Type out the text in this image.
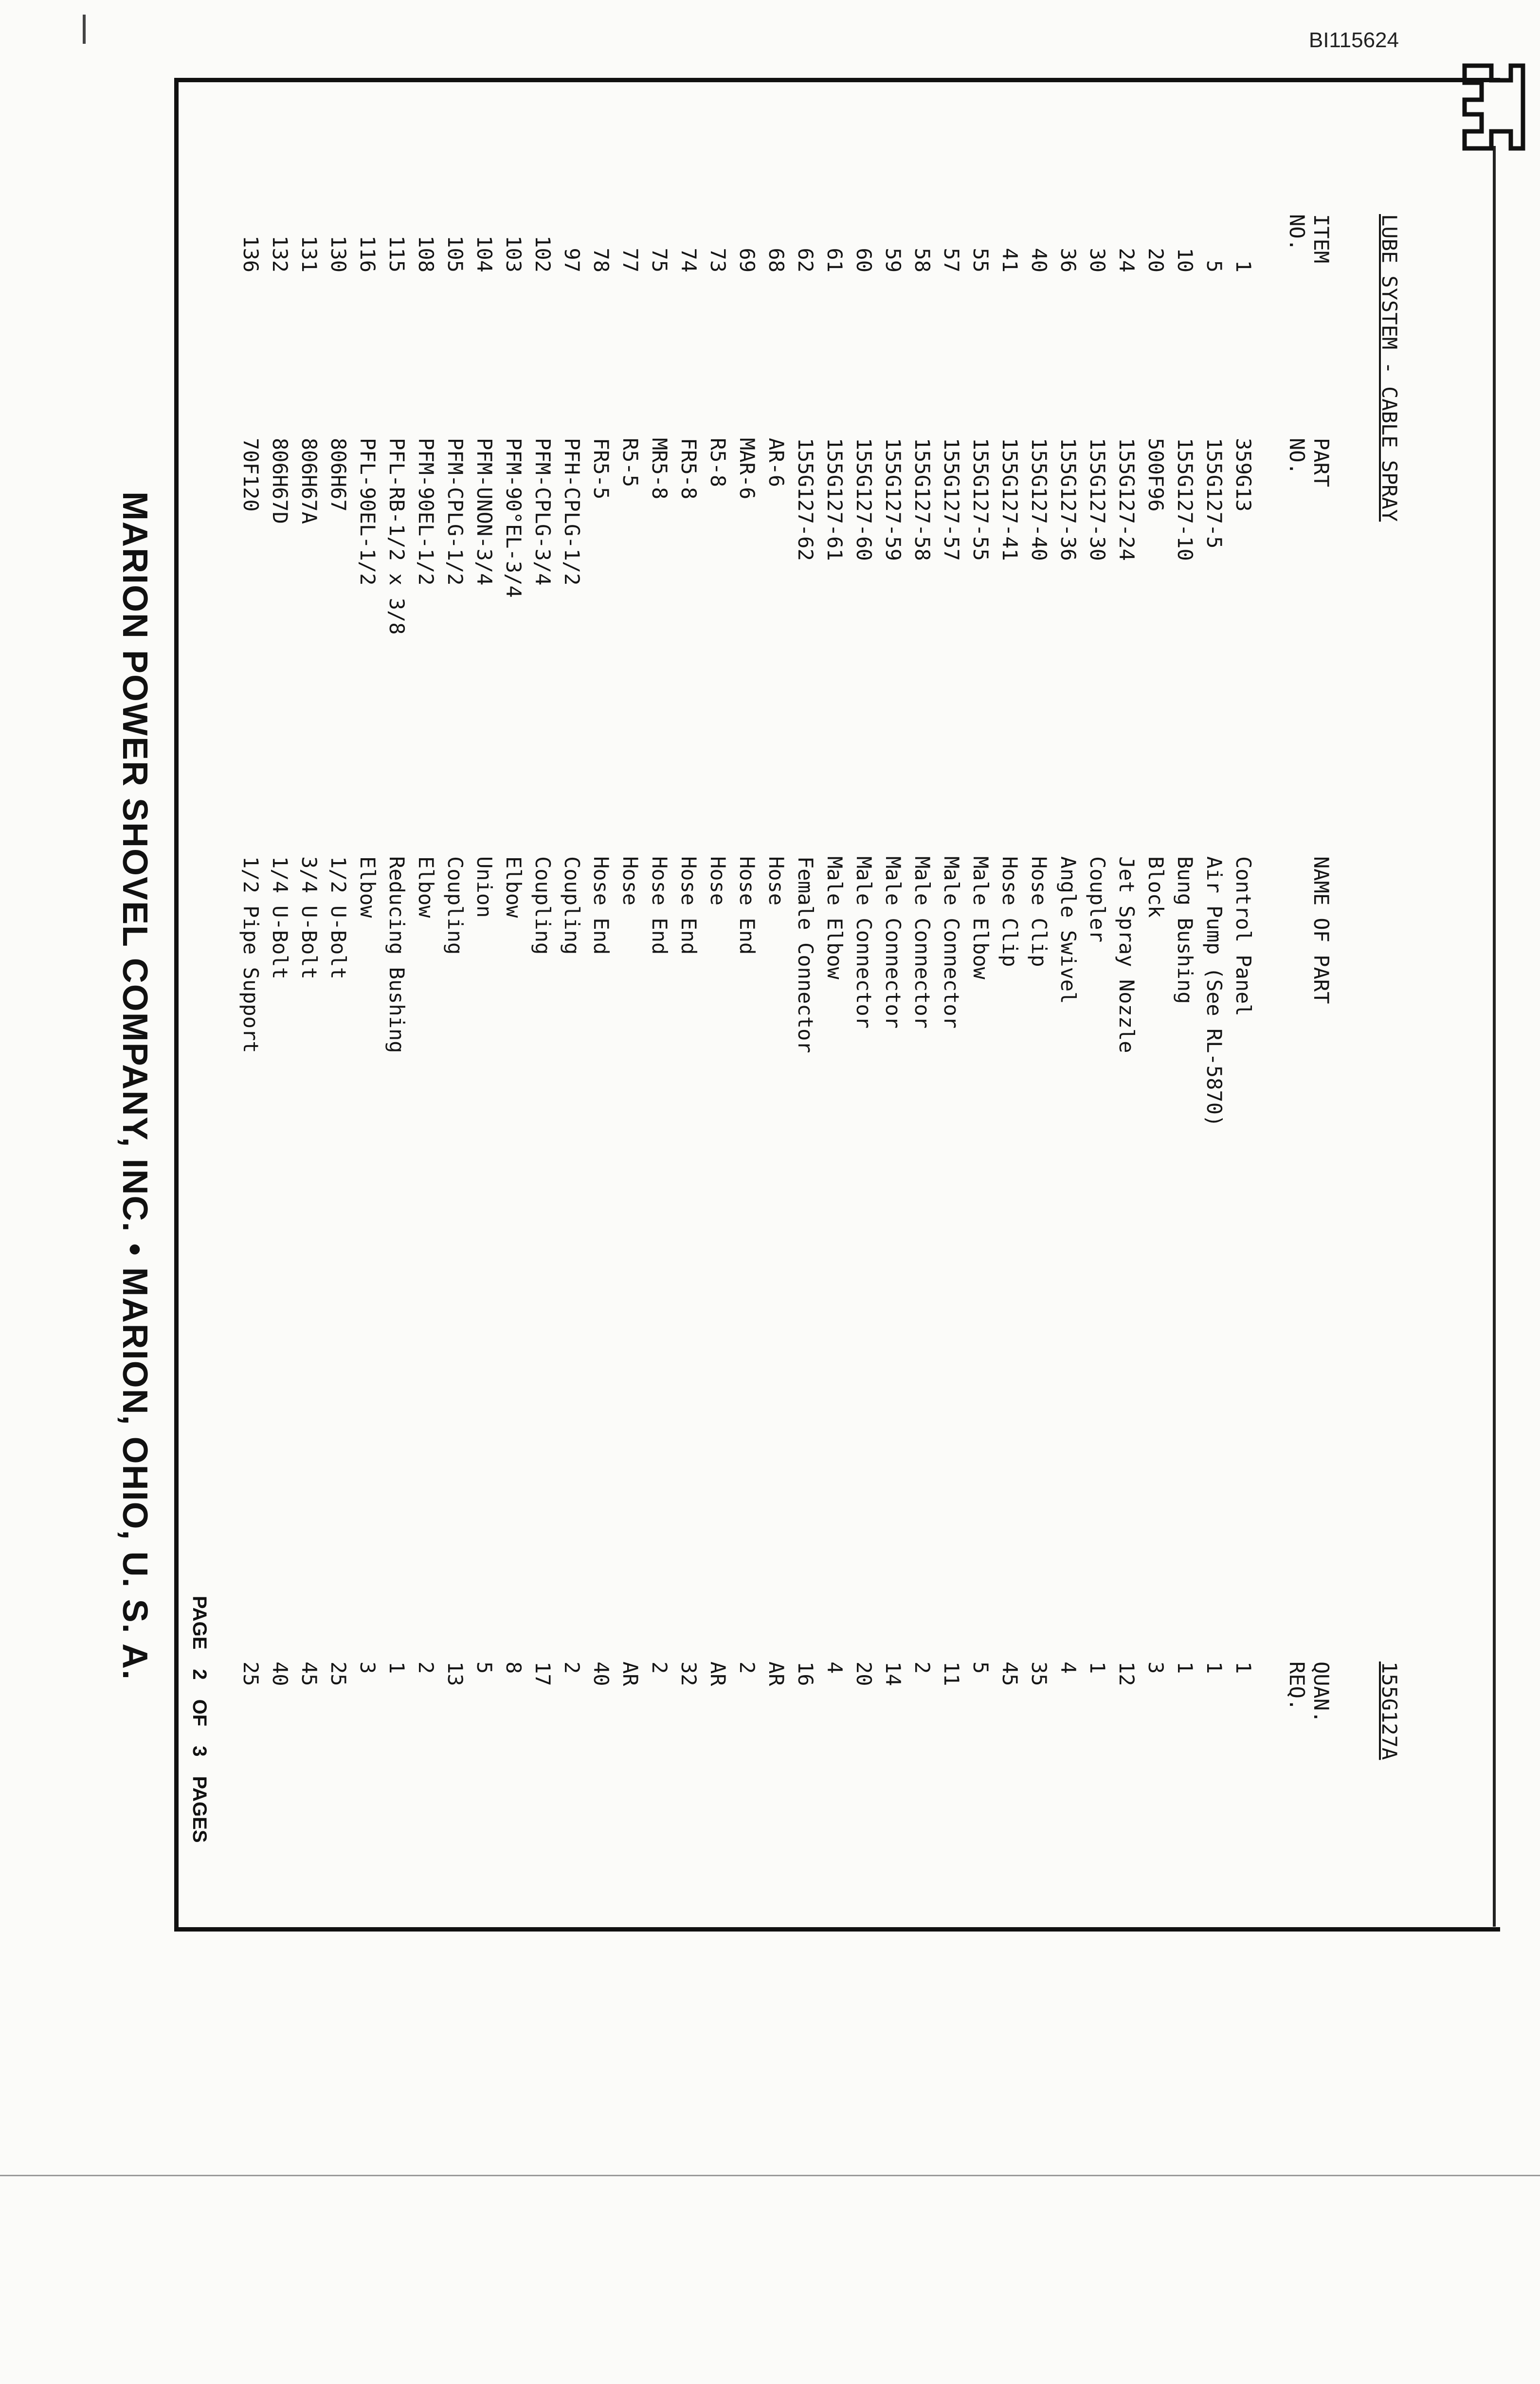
BI115624
LUBE SYSTEM - CABLE SPRAY
155G127A
ITEM
NO.
PART
NO.
NAME OF PART
QUAN.
REQ.
1
359G13
Control Panel
1
5
155G127-5
Air Pump (See RL-5870)
1
10
155G127-10
Bung Bushing
1
20
500F96
Block
3
24
155G127-24
Jet Spray Nozzle
12
30
155G127-30
Coupler
1
36
155G127-36
Angle Swivel
4
40
155G127-40
Hose Clip
35
41
155G127-41
Hose Clip
45
55
155G127-55
Male Elbow
5
57
155G127-57
Male Connector
11
58
155G127-58
Male Connector
2
59
155G127-59
Male Connector
14
60
155G127-60
Male Connector
20
61
155G127-61
Male Elbow
4
62
155G127-62
Female Connector
16
68
AR-6
Hose
AR
69
MAR-6
Hose End
2
73
R5-8
Hose
AR
74
FR5-8
Hose End
32
75
MR5-8
Hose End
2
77
R5-5
Hose
AR
78
FR5-5
Hose End
40
97
PFH-CPLG-1/2
Coupling
2
102
PFM-CPLG-3/4
Coupling
17
103
PFM-90°EL-3/4
Elbow
8
104
PFM-UNON-3/4
Union
5
105
PFM-CPLG-1/2
Coupling
13
108
PFM-90EL-1/2
Elbow
2
115
PFL-RB-1/2 x 3/8
Reducing Bushing
1
116
PFL-90EL-1/2
Elbow
3
130
806H67
1/2 U-Bolt
25
131
806H67A
3/4 U-Bolt
45
132
806H67D
1/4 U-Bolt
40
136
70F120
1/2 Pipe Support
25
MARION POWER SHOVEL COMPANY, INC. • MARION, OHIO, U. S. A.	PAGE
2
OF
3
PAGES
